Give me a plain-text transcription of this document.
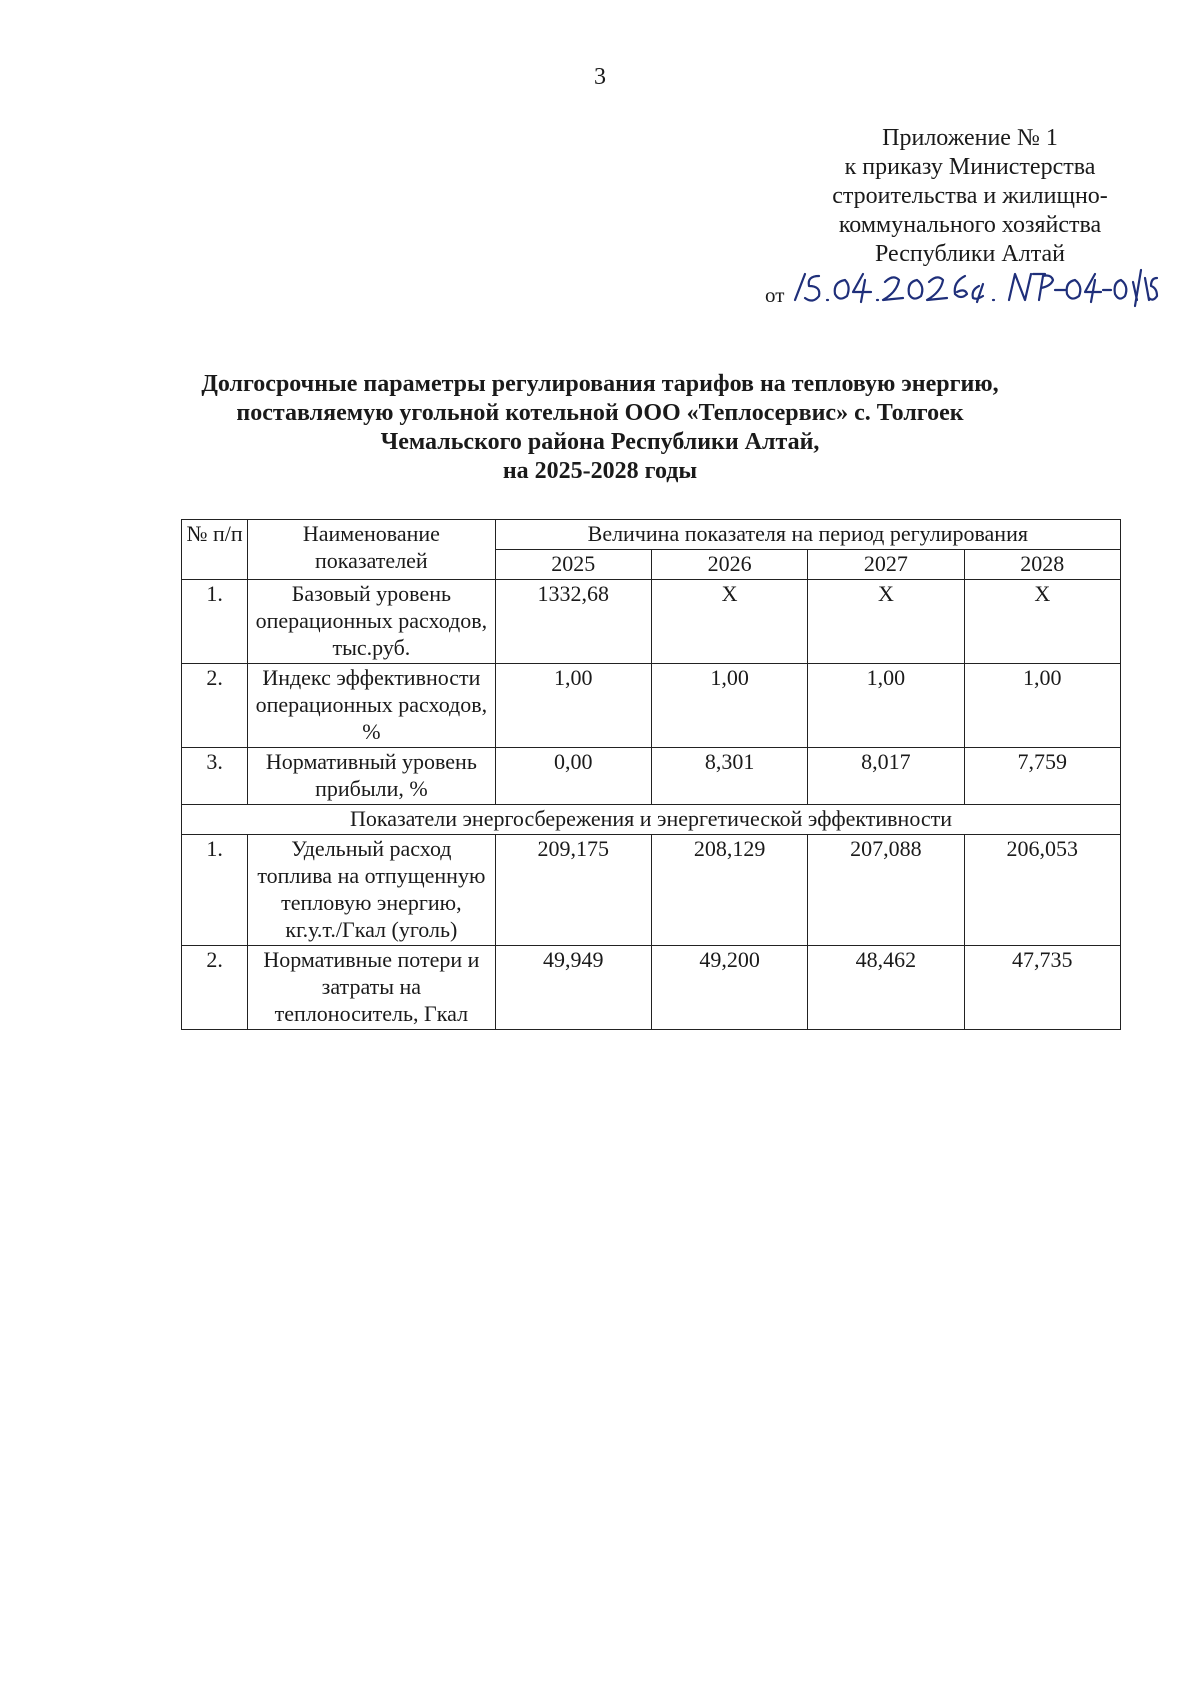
3
Приложение № 1
к приказу Министерства
строительства и жилищно-
коммунального хозяйства
Республики Алтай
от
Долгосрочные параметры регулирования тарифов на тепловую энергию,
поставляемую угольной котельной ООО «Теплосервис» с. Толгоек
Чемальского района Республики Алтай,
на 2025-2028 годы
№ п/п	Наименование показателей	Величина показателя на период регулирования			
		2025	2026	2027	2028
1.	Базовый уровень операционных расходов, тыс.руб.	1332,68	Х	Х	Х
2.	Индекс эффективности операционных расходов, %	1,00	1,00	1,00	1,00
3.	Нормативный уровень прибыли, %	0,00	8,301	8,017	7,759
Показатели энергосбережения и энергетической эффективности					
1.	Удельный расход топлива на отпущенную тепловую энергию, кг.у.т./Гкал (уголь)	209,175	208,129	207,088	206,053
2.	Нормативные потери и затраты на теплоноситель, Гкал	49,949	49,200	48,462	47,735
